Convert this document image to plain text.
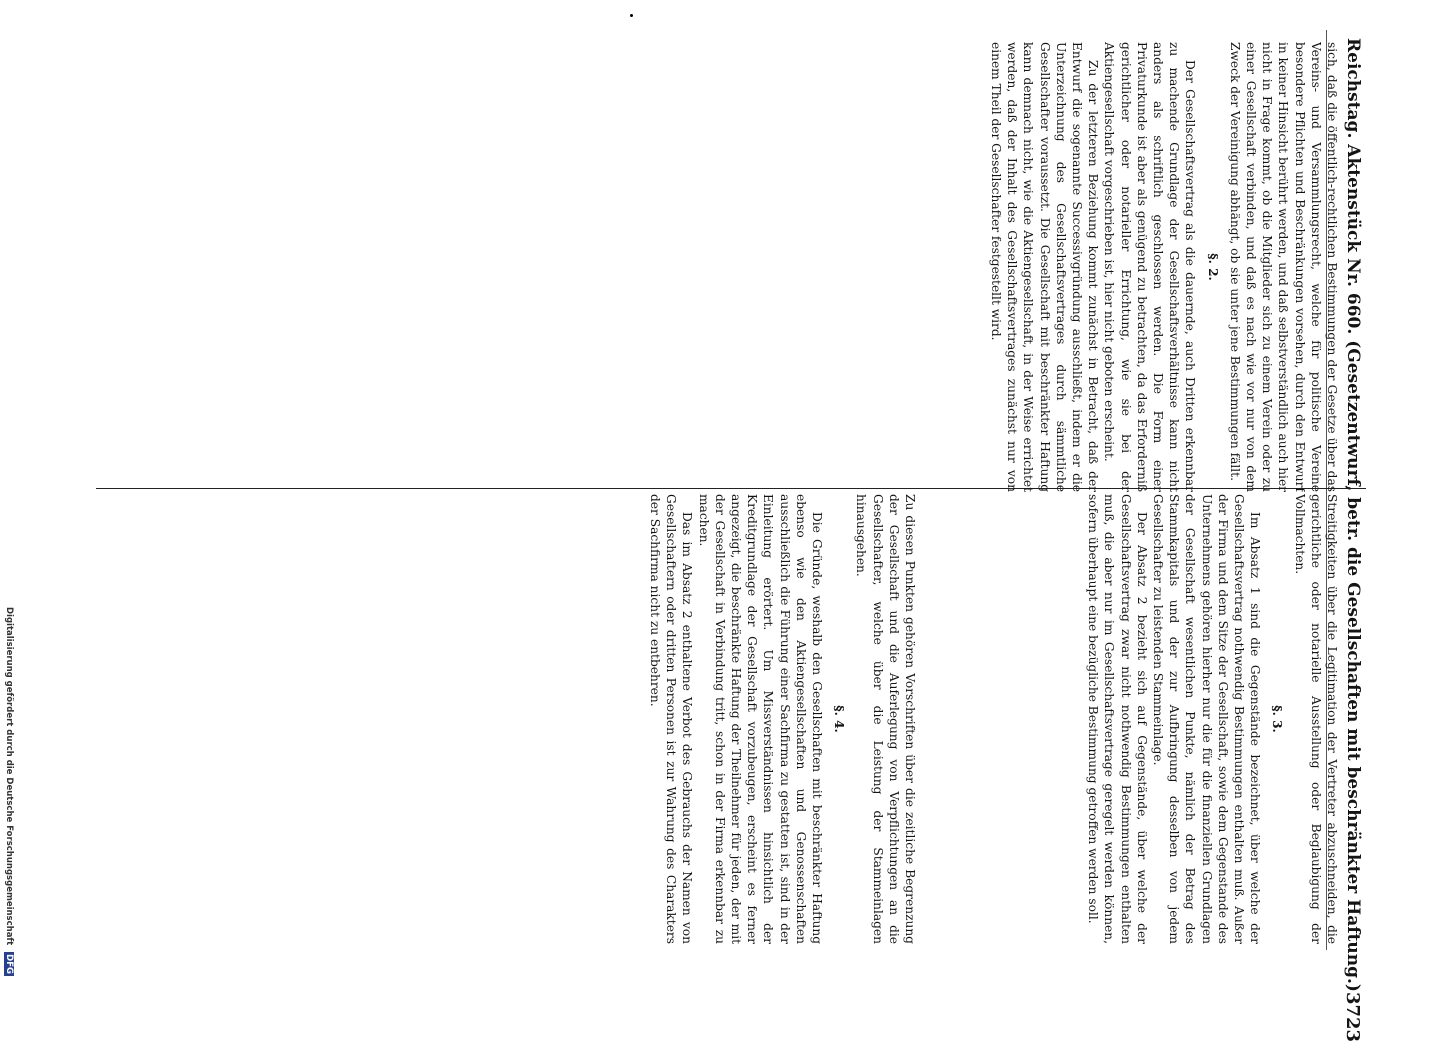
Reichstag. Aktenstück Nr. 660. (Gesetzentwurf, betr. die Gesellschaften mit beschränkter Haftung.)
3723

sich, daß die öffentlich-rechtlichen Bestimmungen der Gesetze über das Vereins- und Versammlungsrecht, welche für politische Vereine besondere Pflichten und Beschränkungen vorsehen, durch den Entwurf in keiner Hinsicht berührt werden, und daß selbstverständlich auch hier nicht in Frage kommt, ob die Mitglieder sich zu einem Verein oder zu einer Gesellschaft verbinden, und daß es nach wie vor nur von dem Zweck der Vereinigung abhängt, ob sie unter jene Bestimmungen fällt.

§. 2.

Der Gesellschaftsvertrag als die dauernde, auch Dritten erkennbar zu machende Grundlage der Gesellschaftsverhältnisse kann nicht anders als schriftlich geschlossen werden. Die Form einer Privaturkunde ist aber als genügend zu betrachten, da das Erforderniß gerichtlicher oder notarieller Errichtung, wie sie bei der Aktiengesellschaft vorgeschrieben ist, hier nicht geboten erscheint.

Zu der letzteren Beziehung kommt zunächst in Betracht, daß der Entwurf die sogenannte Successivgründung ausschließt, indem er die Unterzeichnung des Gesellschaftsvertrages durch sämmtliche Gesellschafter voraussetzt. Die Gesellschaft mit beschränkter Haftung kann demnach nicht, wie die Aktiengesellschaft, in der Weise errichtet werden, daß der Inhalt des Gesellschaftsvertrages zunächst nur von einem Theil der Gesellschafter festgestellt wird.

Streitigkeiten über die Legitimation der Vertreter abzuschneiden, die gerichtliche oder notarielle Ausstellung oder Beglaubigung der Vollmachten.

§. 3.

Im Absatz 1 sind die Gegenstände bezeichnet, über welche der Gesellschaftsvertrag nothwendig Bestimmungen enthalten muß. Außer der Firma und dem Sitze der Gesellschaft, sowie dem Gegenstande des Unternehmens gehören hierher nur die für die finanziellen Grundlagen der Gesellschaft wesentlichen Punkte, nämlich der Betrag des Stammkapitals und der zur Aufbringung desselben von jedem Gesellschafter zu leistenden Stammeinlage.

Der Absatz 2 bezieht sich auf Gegenstände, über welche der Gesellschaftsvertrag zwar nicht nothwendig Bestimmungen enthalten muß, die aber nur im Gesellschaftsvertrage geregelt werden können, sofern überhaupt eine bezügliche Bestimmung getroffen werden soll.

Zu diesen Punkten gehören Vorschriften über die zeitliche Begrenzung der Gesellschaft und die Auferlegung von Verpflichtungen an die Gesellschafter, welche über die Leistung der Stammeinlagen hinausgehen.

§. 4.

Die Gründe, weshalb den Gesellschaften mit beschränkter Haftung ebenso wie den Aktiengesellschaften und Genossenschaften ausschließlich die Führung einer Sachfirma zu gestatten ist, sind in der Einleitung erörtert. Um Missverständnissen hinsichtlich der Kreditgrundlage der Gesellschaft vorzubeugen, erscheint es ferner angezeigt, die beschränkte Haftung der Theilnehmer für jeden, der mit der Gesellschaft in Verbindung tritt, schon in der Firma erkennbar zu machen.

Das im Absatz 2 enthaltene Verbot des Gebrauchs der Namen von Gesellschaftern oder dritten Personen ist zur Wahrung des Charakters der Sachfirma nicht zu entbehren.

Digitalisierung gefördert durch die Deutsche Forschungsgemeinschaft DFG
